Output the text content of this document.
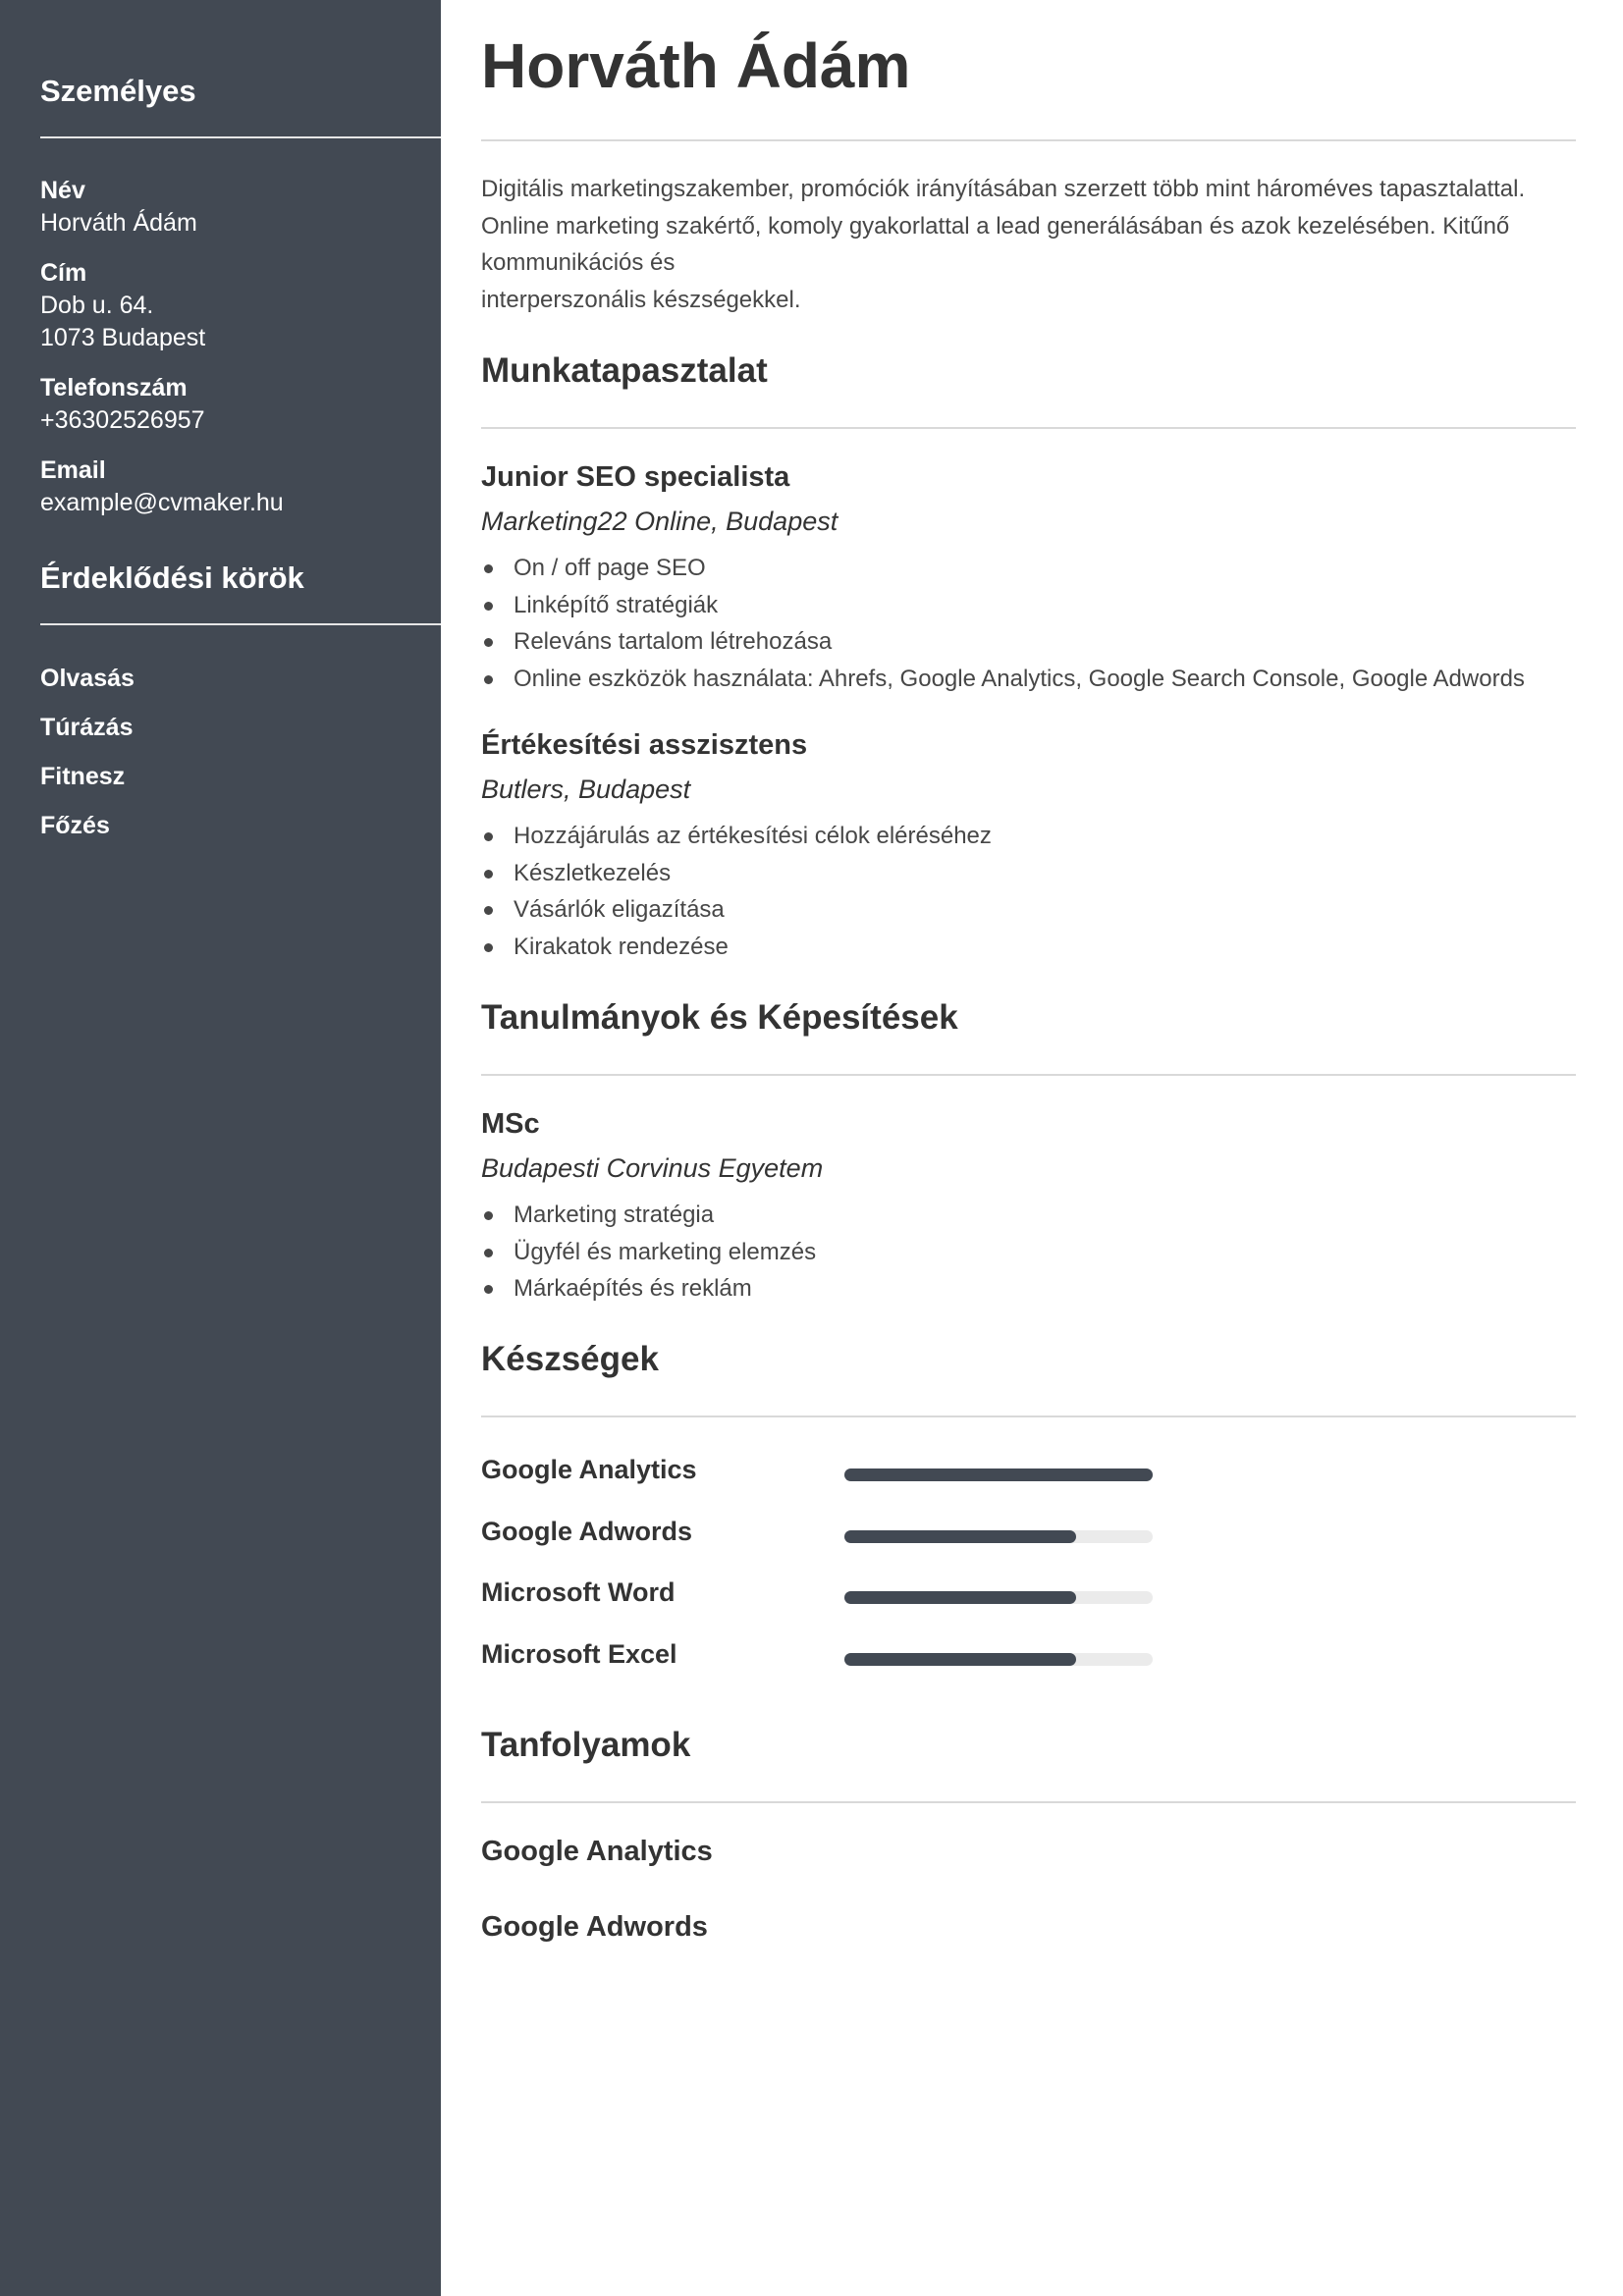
Személyes
Név
Horváth Ádám
Cím
Dob u. 64.
1073 Budapest
Telefonszám
+36302526957
Email
example@cvmaker.hu
Érdeklődési körök
Olvasás
Túrázás
Fitnesz
Főzés
Horváth Ádám
Digitális marketingszakember, promóciók irányításában szerzett több mint hároméves tapasztalattal.
Online marketing szakértő, komoly gyakorlattal a lead generálásában és azok kezelésében. Kitűnő
kommunikációs és
interperszonális készségekkel.
Munkatapasztalat
Junior SEO specialista
Marketing22 Online, Budapest
On / off page SEO
Linképítő stratégiák
Releváns tartalom létrehozása
Online eszközök használata: Ahrefs, Google Analytics, Google Search Console, Google Adwords
Értékesítési asszisztens
Butlers, Budapest
Hozzájárulás az értékesítési célok eléréséhez
Készletkezelés
Vásárlók eligazítása
Kirakatok rendezése
Tanulmányok és Képesítések
MSc
Budapesti Corvinus Egyetem
Marketing stratégia
Ügyfél és marketing elemzés
Márkaépítés és reklám
Készségek
Google Analytics
Google Adwords
Microsoft Word
Microsoft Excel
Tanfolyamok
Google Analytics
Google Adwords
